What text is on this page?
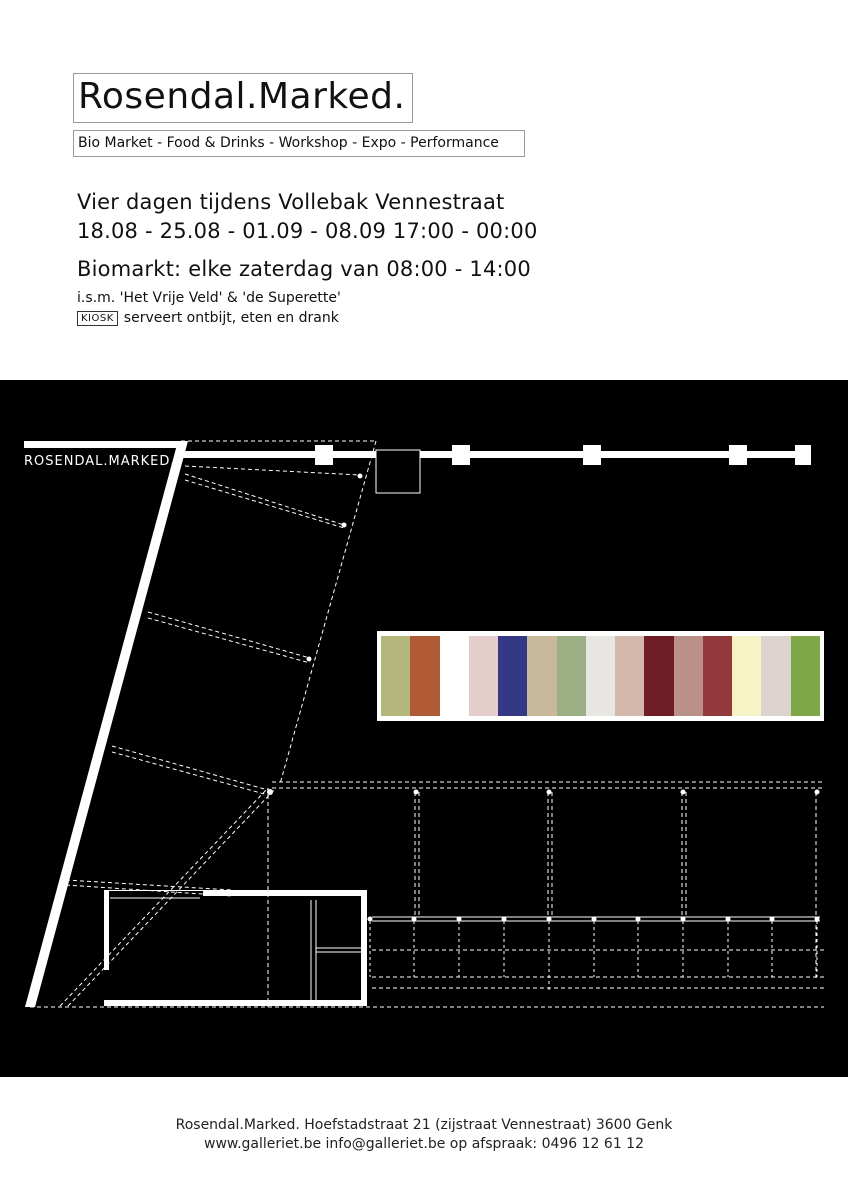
Rosendal.Marked.
Bio Market - Food & Drinks - Workshop - Expo - Performance
Vier dagen tijdens Vollebak Vennestraat
18.08 - 25.08 - 01.09 - 08.09 17:00 - 00:00
Biomarkt: elke zaterdag van 08:00 - 14:00
i.s.m. 'Het Vrije Veld' & 'de Superette'
KIOSK serveert ontbijt, eten en drank
ROSENDAL.MARKED.
Rosendal.Marked. Hoefstadstraat 21 (zijstraat Vennestraat) 3600 Genk
www.galleriet.be info@galleriet.be op afspraak: 0496 12 61 12
